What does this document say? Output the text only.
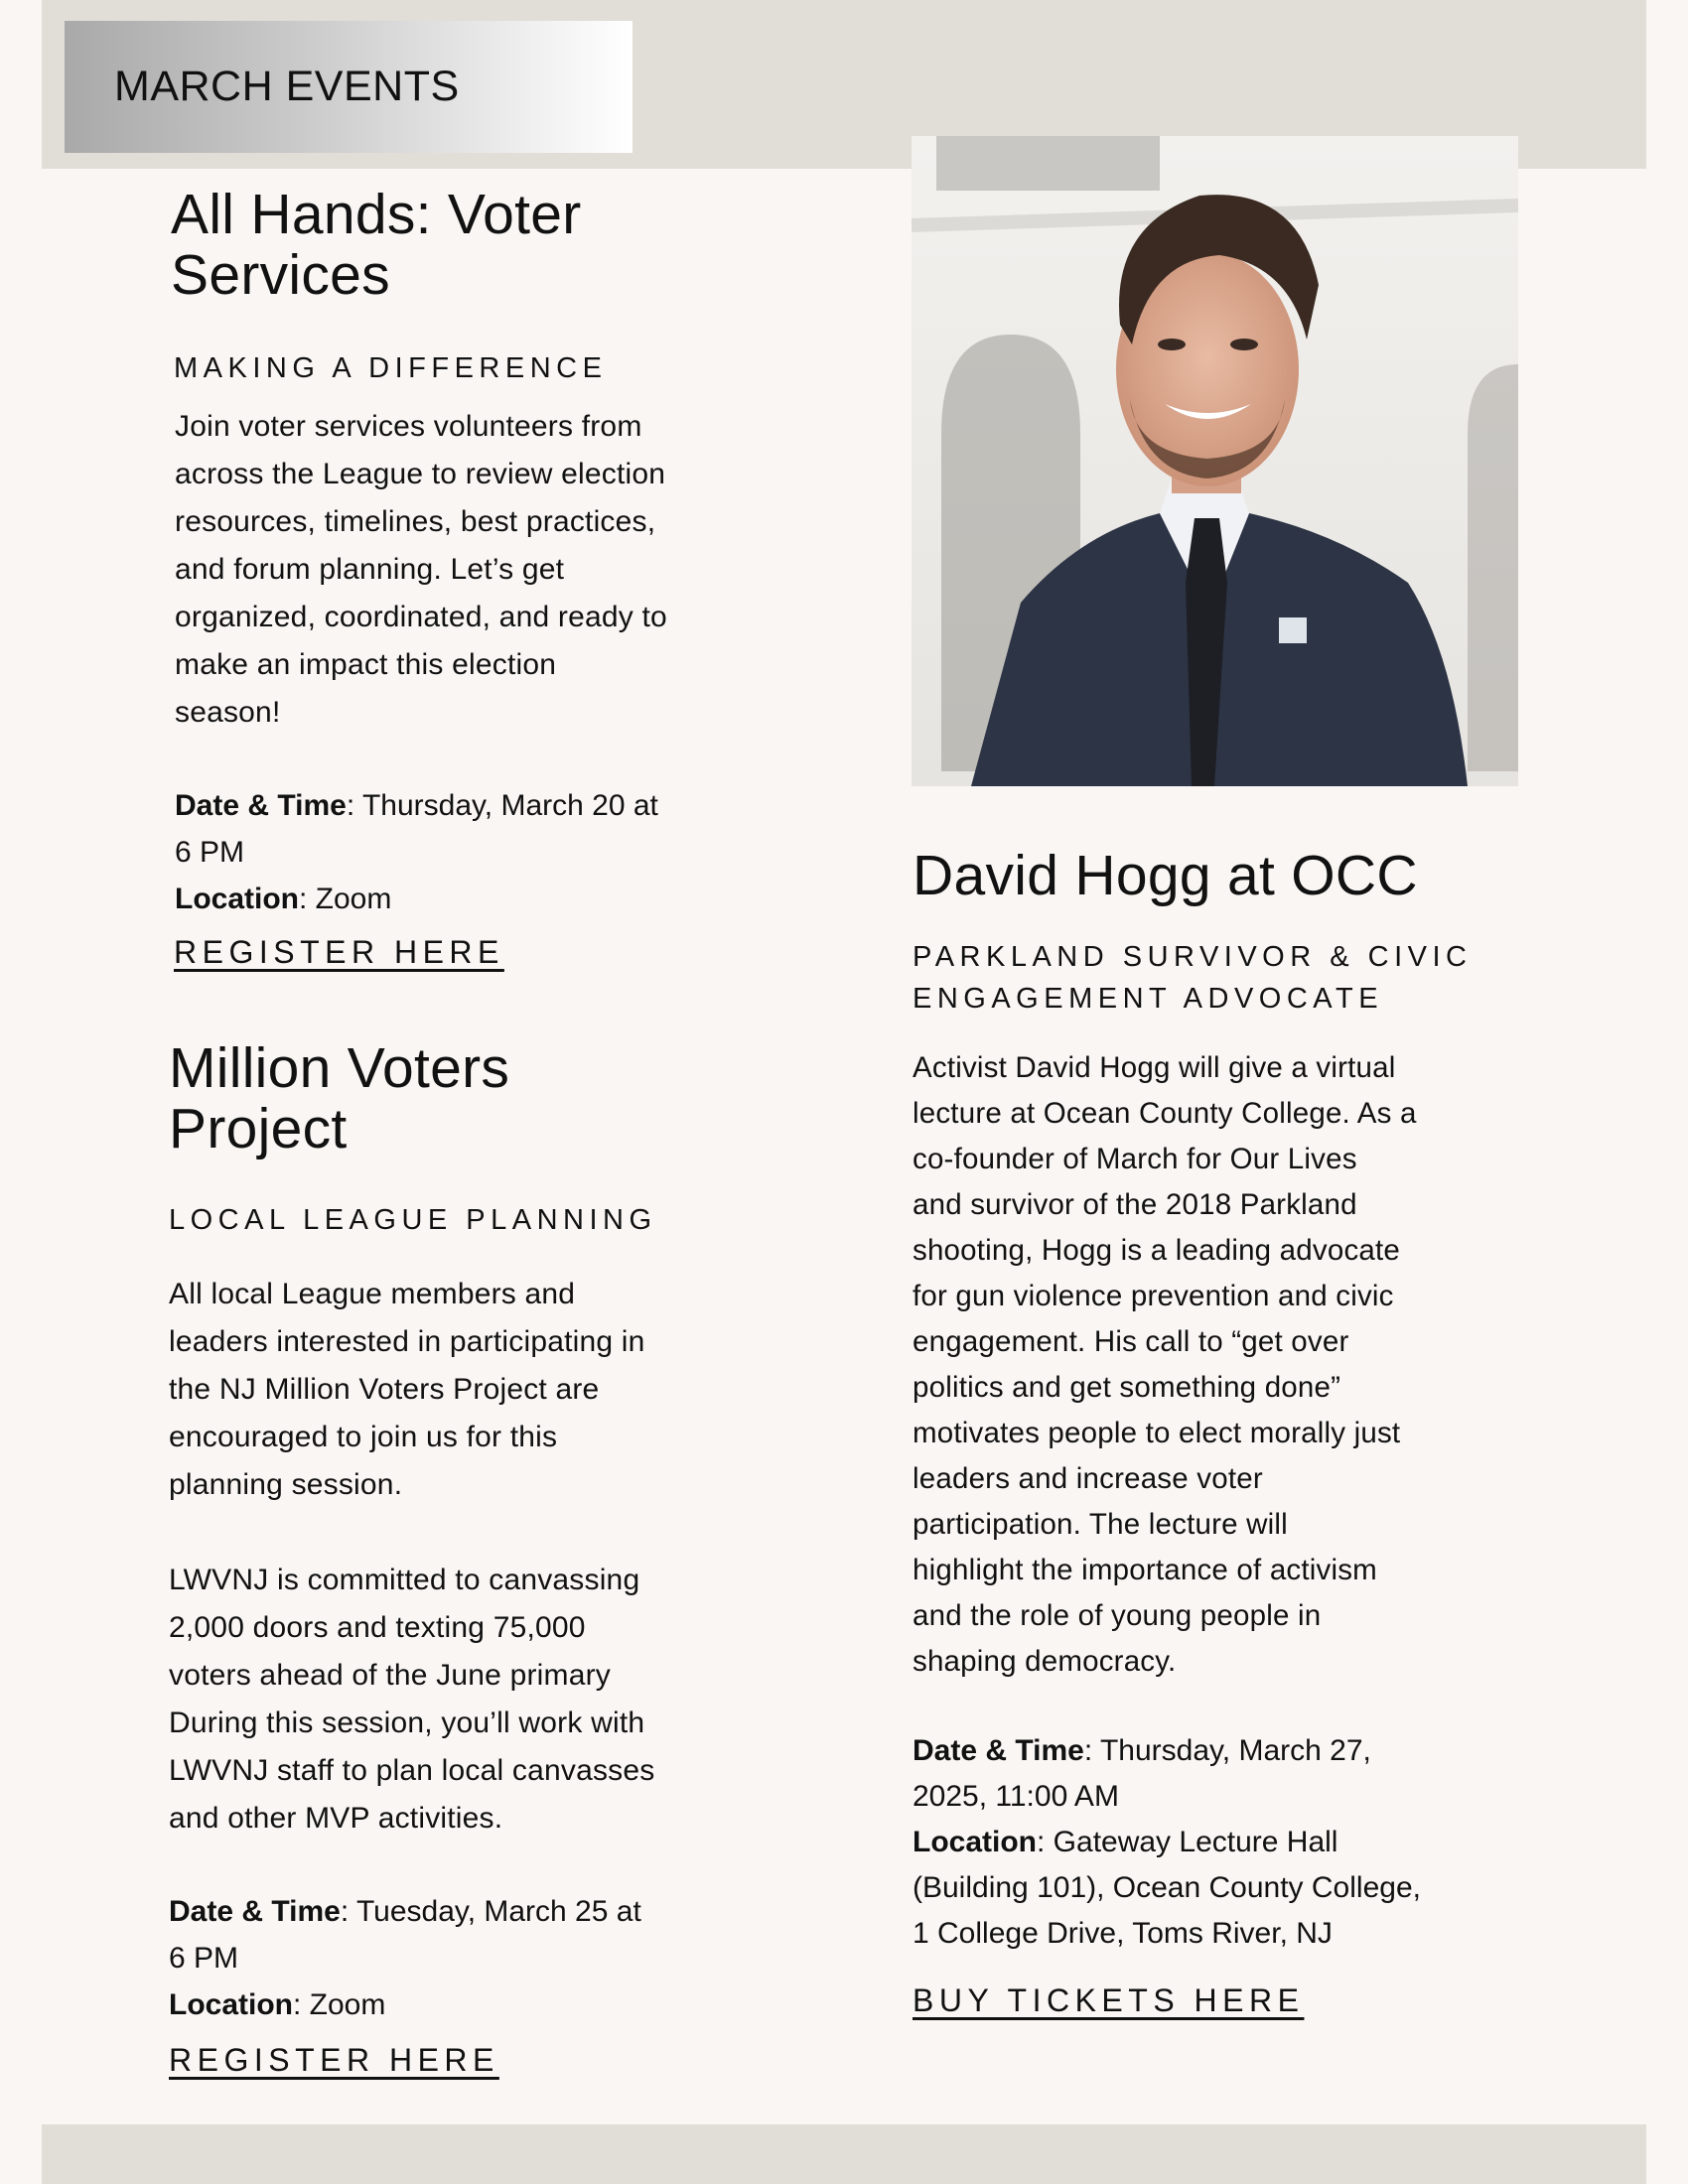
MARCH EVENTS
All Hands: Voter
Services

MAKING A DIFFERENCE

Join voter services volunteers from
across the League to review election
resources, timelines, best practices,
and forum planning. Let’s get
organized, coordinated, and ready to
make an impact this election
season!

Date & Time: Thursday, March 20 at
6 PM

Location: Zoom

REGISTER HERE
Million Voters
Project

LOCAL LEAGUE PLANNING

All local League members and
leaders interested in participating in
the NJ Million Voters Project are
encouraged to join us for this
planning session.

LWVNJ is committed to canvassing
2,000 doors and texting 75,000
voters ahead of the June primary
During this session, you’ll work with
LWVNJ staff to plan local canvasses
and other MVP activities.

Date & Time: Tuesday, March 25 at
6 PM

Location: Zoom

REGISTER HERE
David Hogg at OCC

PARKLAND SURVIVOR & CIVIC
ENGAGEMENT ADVOCATE

Activist David Hogg will give a virtual
lecture at Ocean County College. As a
co-founder of March for Our Lives
and survivor of the 2018 Parkland
shooting, Hogg is a leading advocate
for gun violence prevention and civic
engagement. His call to “get over
politics and get something done”
motivates people to elect morally just
leaders and increase voter
participation. The lecture will
highlight the importance of activism
and the role of young people in
shaping democracy.

Date & Time: Thursday, March 27,
2025, 11:00 AM

Location: Gateway Lecture Hall
(Building 101), Ocean County College,
1 College Drive, Toms River, NJ

BUY TICKETS HERE
